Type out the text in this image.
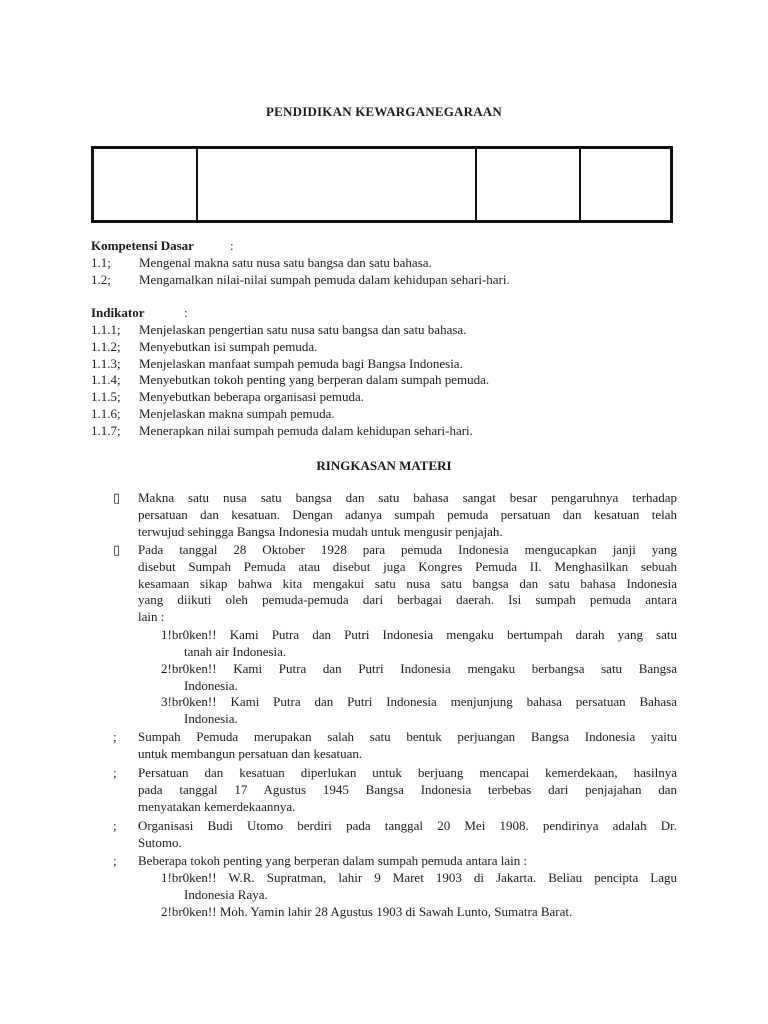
PENDIDIKAN KEWARGANEGARAAN
Kompetensi Dasar	:
1.1; Mengenal makna satu nusa satu bangsa dan satu bahasa.
1.2; Mengamalkan nilai-nilai sumpah pemuda dalam kehidupan sehari-hari.
Indikator	:
1.1.1; Menjelaskan pengertian satu nusa satu bangsa dan satu bahasa.
1.1.2; Menyebutkan isi sumpah pemuda.
1.1.3; Menjelaskan manfaat sumpah pemuda bagi Bangsa Indonesia.
1.1.4; Menyebutkan tokoh penting yang berperan dalam sumpah pemuda.
1.1.5; Menyebutkan beberapa organisasi pemuda.
1.1.6; Menjelaskan makna sumpah pemuda.
1.1.7; Menerapkan nilai sumpah pemuda dalam kehidupan sehari-hari.
RINGKASAN MATERI
▯	Makna satu nusa satu bangsa dan satu bahasa sangat besar pengaruhnya terhadap
persatuan dan kesatuan. Dengan adanya sumpah pemuda persatuan dan kesatuan telah
terwujud sehingga Bangsa Indonesia mudah untuk mengusir penjajah.
▯	Pada tanggal 28 Oktober 1928 para pemuda Indonesia mengucapkan janji yang
disebut Sumpah Pemuda atau disebut juga Kongres Pemuda II. Menghasilkan sebuah
kesamaan sikap bahwa kita mengakui satu nusa satu bangsa dan satu bahasa Indonesia
yang diikuti oleh pemuda-pemuda dari berbagai daerah. Isi sumpah pemuda antara
lain :
1!br0ken!! Kami Putra dan Putri Indonesia mengaku bertumpah darah yang satu
tanah air Indonesia.
2!br0ken!! Kami Putra dan Putri Indonesia mengaku berbangsa satu Bangsa
Indonesia.
3!br0ken!! Kami Putra dan Putri Indonesia menjunjung bahasa persatuan Bahasa
Indonesia.
;	Sumpah Pemuda merupakan salah satu bentuk perjuangan Bangsa Indonesia yaitu
untuk membangun persatuan dan kesatuan.
;	Persatuan dan kesatuan diperlukan untuk berjuang mencapai kemerdekaan, hasilnya
pada tanggal 17 Agustus 1945 Bangsa Indonesia terbebas dari penjajahan dan
menyatakan kemerdekaannya.
;	Organisasi Budi Utomo berdiri pada tanggal 20 Mei 1908. pendirinya adalah Dr.
Sutomo.
;	Beberapa tokoh penting yang berperan dalam sumpah pemuda antara lain :
1!br0ken!! W.R. Supratman, lahir 9 Maret 1903 di Jakarta. Beliau pencipta Lagu
Indonesia Raya.
2!br0ken!! Moh. Yamin lahir 28 Agustus 1903 di Sawah Lunto, Sumatra Barat.
